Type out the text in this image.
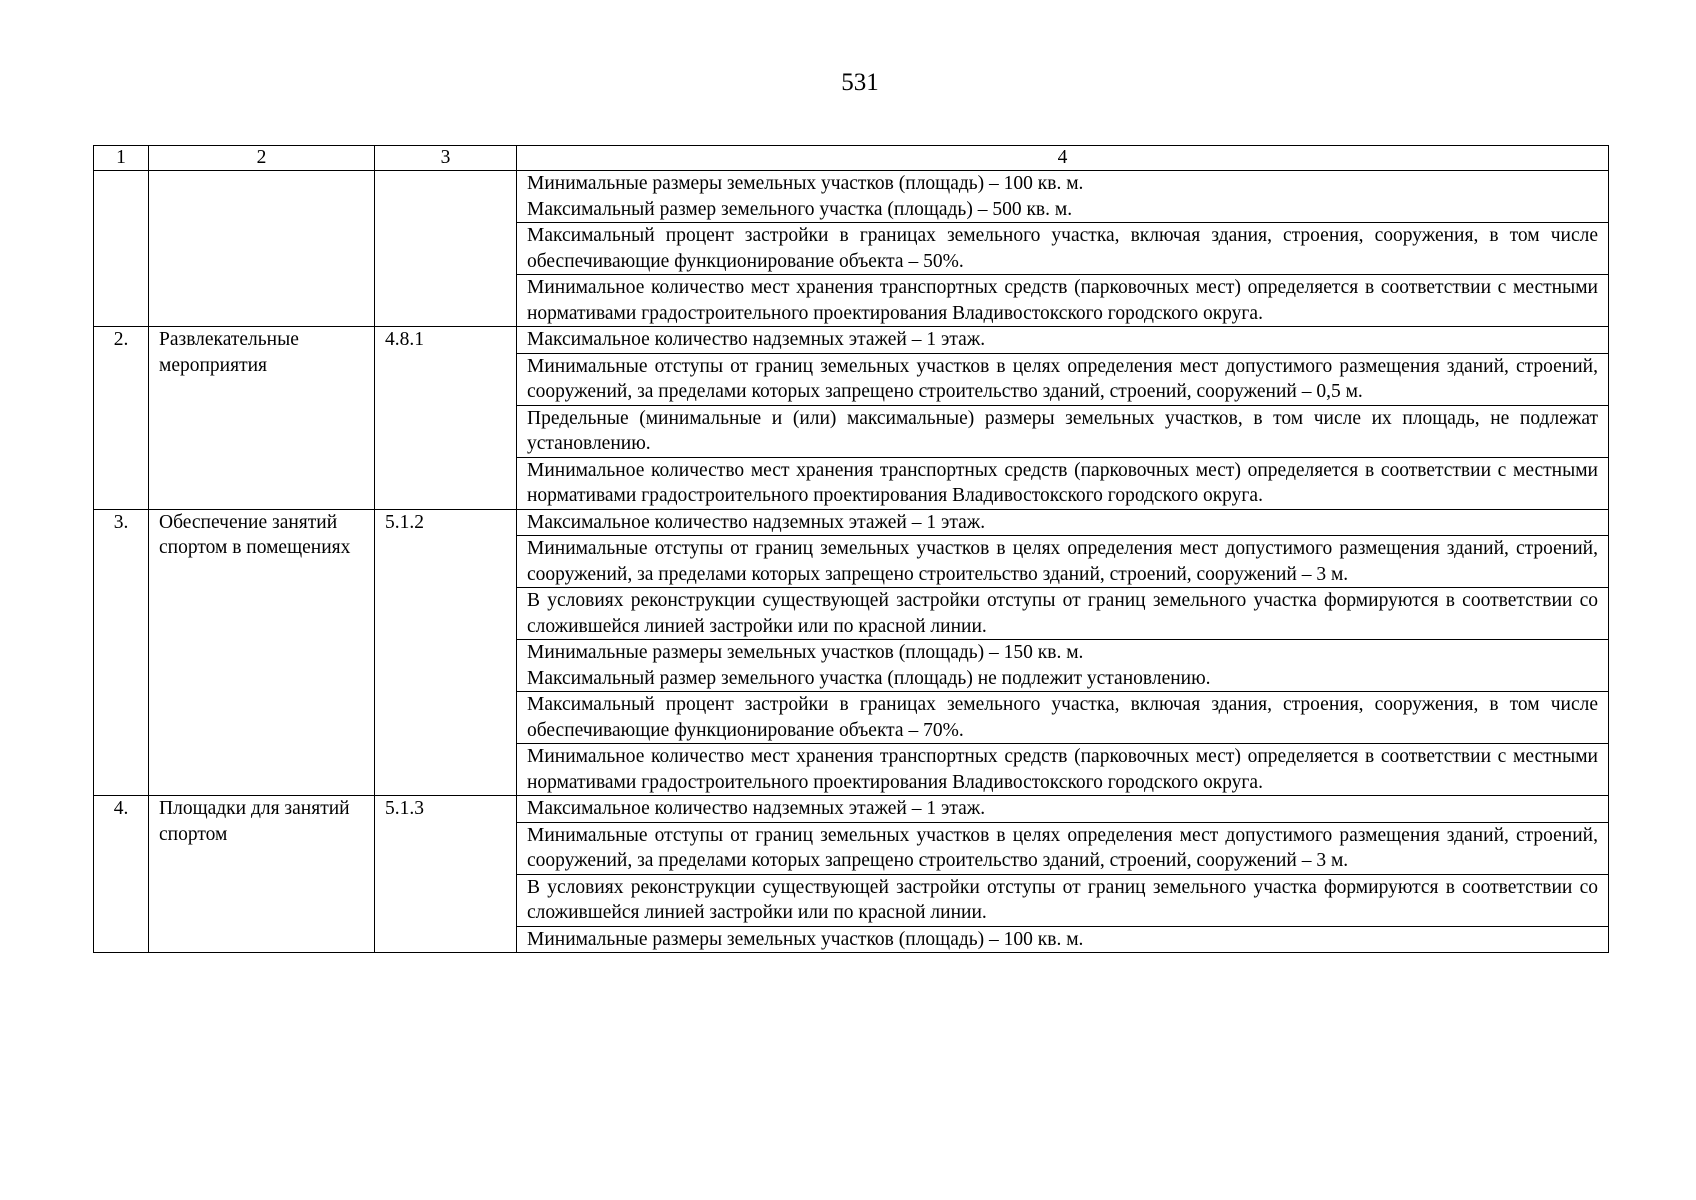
531
1	2	3	4

			Минимальные размеры земельных участков (площадь) – 100 кв. м.
Максимальный размер земельного участка (площадь) – 500 кв. м.

			Максимальный процент застройки в границах земельного участка, включая здания, строения, сооружения, в том числе обеспечивающие функционирование объекта – 50%.

			Минимальное количество мест хранения транспортных средств (парковочных мест) определяется в соответствии с местными нормативами градостроительного проектирования Владивостокского городского округа.

2.	Развлекательные мероприятия	4.8.1	Максимальное количество надземных этажей – 1 этаж.

			Минимальные отступы от границ земельных участков в целях определения мест допустимого размещения зданий, строений, сооружений, за пределами которых запрещено строительство зданий, строений, сооружений – 0,5 м.

			Предельные (минимальные и (или) максимальные) размеры земельных участков, в том числе их площадь, не подлежат установлению.

			Минимальное количество мест хранения транспортных средств (парковочных мест) определяется в соответствии с местными нормативами градостроительного проектирования Владивостокского городского округа.

3.	Обеспечение занятий спортом в помещениях	5.1.2	Максимальное количество надземных этажей – 1 этаж.

			Минимальные отступы от границ земельных участков в целях определения мест допустимого размещения зданий, строений, сооружений, за пределами которых запрещено строительство зданий, строений, сооружений – 3 м.

			В условиях реконструкции существующей застройки отступы от границ земельного участка формируются в соответствии со сложившейся линией застройки или по красной линии.

			Минимальные размеры земельных участков (площадь) – 150 кв. м.
Максимальный размер земельного участка (площадь) не подлежит установлению.

			Максимальный процент застройки в границах земельного участка, включая здания, строения, сооружения, в том числе обеспечивающие функционирование объекта – 70%.

			Минимальное количество мест хранения транспортных средств (парковочных мест) определяется в соответствии с местными нормативами градостроительного проектирования Владивостокского городского округа.

4.	Площадки для занятий спортом	5.1.3	Максимальное количество надземных этажей – 1 этаж.

			Минимальные отступы от границ земельных участков в целях определения мест допустимого размещения зданий, строений, сооружений, за пределами которых запрещено строительство зданий, строений, сооружений – 3 м.

			В условиях реконструкции существующей застройки отступы от границ земельного участка формируются в соответствии со сложившейся линией застройки или по красной линии.

			Минимальные размеры земельных участков (площадь) – 100 кв. м.
